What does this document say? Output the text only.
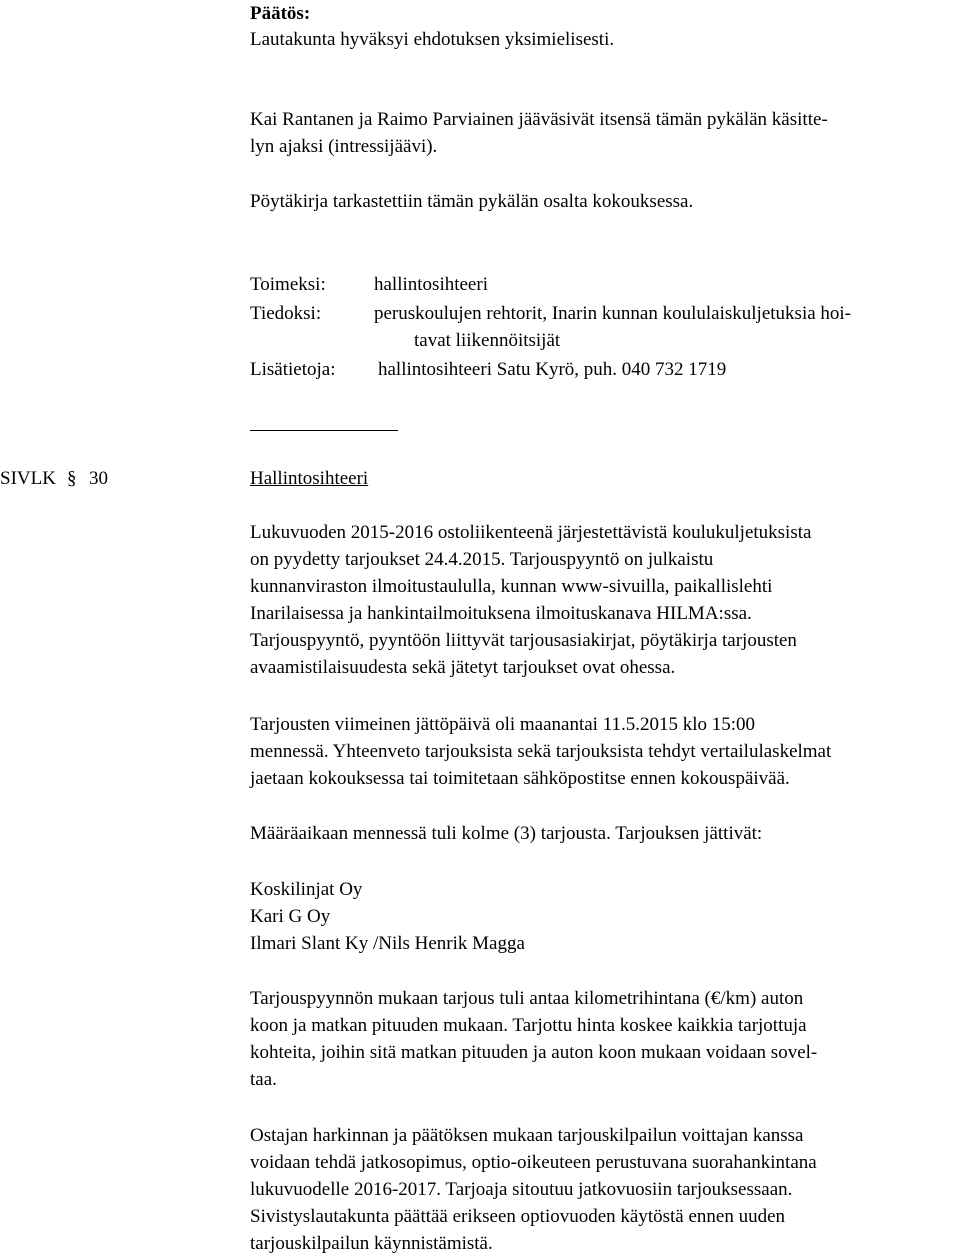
Päätös:
Lautakunta hyväksyi ehdotuksen yksimielisesti.
Kai Rantanen ja Raimo Parviainen jääväsivät itsensä tämän pykälän käsitte-
lyn ajaksi (intressijäävi).
Pöytäkirja tarkastettiin tämän pykälän osalta kokouksessa.
Toimeksi:	hallintosihteeri
Tiedoksi:	peruskoulujen rehtorit, Inarin kunnan koululaiskuljetuksia hoi-
tavat liikennöitsijät
Lisätietoja: hallintosihteeri Satu Kyrö, puh. 040 732 1719
SIVLK § 30	Hallintosihteeri
Lukuvuoden 2015-2016 ostoliikenteenä järjestettävistä koulukuljetuksista
on pyydetty tarjoukset 24.4.2015. Tarjouspyyntö on julkaistu
kunnanviraston ilmoitustaululla, kunnan www-sivuilla, paikallislehti
Inarilaisessa ja hankintailmoituksena ilmoituskanava HILMA:ssa.
Tarjouspyyntö, pyyntöön liittyvät tarjousasiakirjat, pöytäkirja tarjousten
avaamistilaisuudesta sekä jätetyt tarjoukset ovat ohessa.
Tarjousten viimeinen jättöpäivä oli maanantai 11.5.2015 klo 15:00
mennessä. Yhteenveto tarjouksista sekä tarjouksista tehdyt vertailulaskelmat
jaetaan kokouksessa tai toimitetaan sähköpostitse ennen kokouspäivää.
Määräaikaan mennessä tuli kolme (3) tarjousta. Tarjouksen jättivät:
Koskilinjat Oy
Kari G Oy
Ilmari Slant Ky /Nils Henrik Magga
Tarjouspyynnön mukaan tarjous tuli antaa kilometrihintana (€/km) auton
koon ja matkan pituuden mukaan. Tarjottu hinta koskee kaikkia tarjottuja
kohteita, joihin sitä matkan pituuden ja auton koon mukaan voidaan sovel-
taa.
Ostajan harkinnan ja päätöksen mukaan tarjouskilpailun voittajan kanssa
voidaan tehdä jatkosopimus, optio-oikeuteen perustuvana suorahankintana
lukuvuodelle 2016-2017. Tarjoaja sitoutuu jatkovuosiin tarjouksessaan.
Sivistyslautakunta päättää erikseen optiovuoden käytöstä ennen uuden
tarjouskilpailun käynnistämistä.
